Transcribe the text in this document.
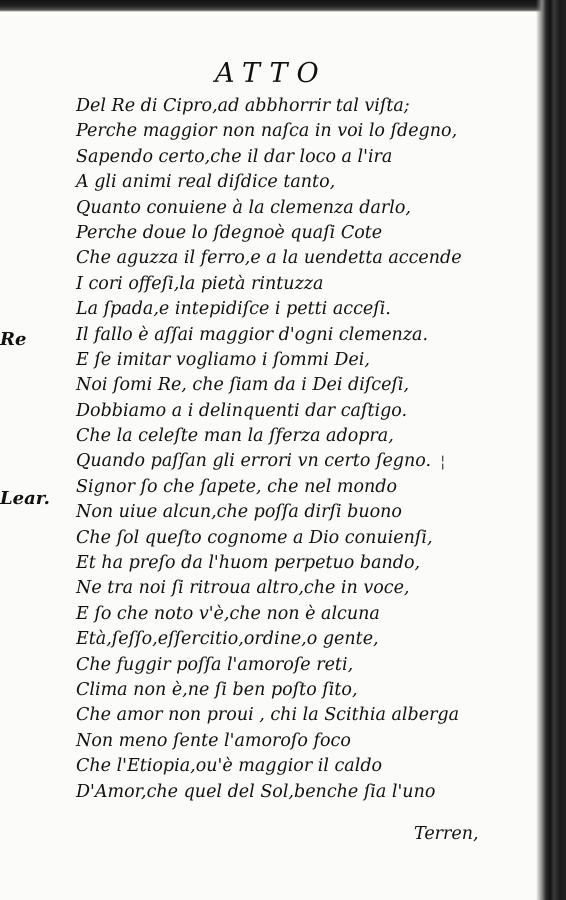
ATTO
Re
Lear.
Del Re di Cipro,ad abbhorrir tal viſta;
Perche maggior non naſca in voi lo ſdegno,
Sapendo certo,che il dar loco a l'ira
A gli animi real diſdice tanto,
Quanto conuiene à la clemenza darlo,
Perche doue lo ſdegnoè quaſi Cote
Che aguzza il ferro,e a la uendetta accende
I cori offeſi,la pietà rintuzza
La ſpada,e intepidiſce i petti acceſi.
Il fallo è aſſai maggior d'ogni clemenza.
E ſe imitar vogliamo i ſommi Dei,
Noi ſomi Re, che ſiam da i Dei diſceſi,
Dobbiamo a i delinquenti dar caſtigo.
Che la celeſte man la ſferza adopra,
Quando paſſan gli errori vn certo ſegno.
Signor ſo che ſapete, che nel mondo
Non uiue alcun,che poſſa dirſi buono
Che ſol queſto cognome a Dio conuienſi,
Et ha preſo da l'huom perpetuo bando,
Ne tra noi ſi ritroua altro,che in voce,
E ſo che noto v'è,che non è alcuna
Età,ſeſſo,eſſercitio,ordine,o gente,
Che fuggir poſſa l'amoroſe reti,
Clima non è,ne ſi ben poſto ſito,
Che amor non proui , chi la Scithia alberga
Non meno ſente l'amoroſo foco
Che l'Etiopia,ou'è maggior il caldo
D'Amor,che quel del Sol,benche ſia l'uno
¦
Terren,
